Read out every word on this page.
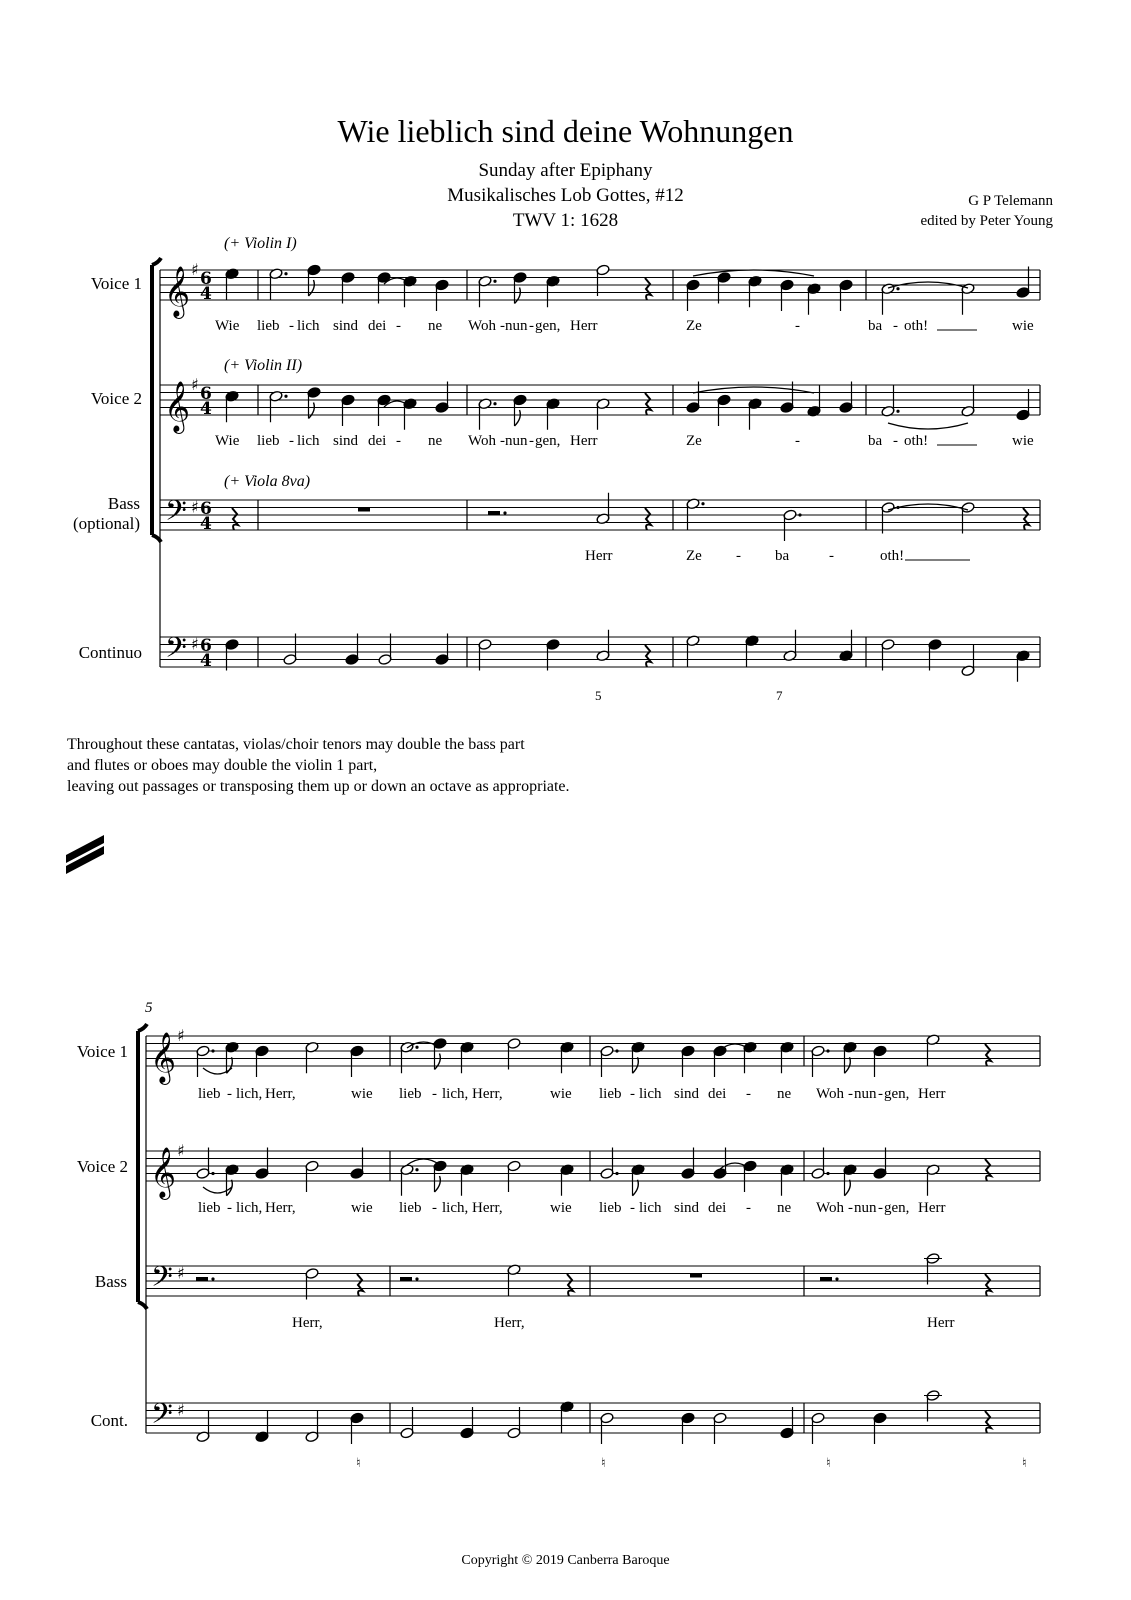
Wie lieblich sind deine Wohnungen
Sunday after Epiphany
Musikalisches Lob Gottes, #12
TWV 1: 1628
G P Telemann
edited by Peter Young
Voice 1
Voice 2
Bass
(optional)
Continuo
(+ Violin I)
(+ Violin II)
(+ Viola 8va)
Wie lieb - lich sind dei - ne Woh - nun - gen, Herr	Ze	-	ba - oth!	wie
Wie lieb - lich sind dei - ne Woh - nun - gen, Herr	Ze	-	ba - oth!	wie
Herr	Ze - ba	-	oth!
5	7
Throughout these cantatas, violas/choir tenors may double the bass part
and flutes or oboes may double the violin 1 part,
leaving out passages or transposing them up or down an octave as appropriate.
5
Voice 1
Voice 2
Bass
Cont.
lieb - lich, Herr,	wie lieb - lich, Herr,	wie lieb - lich sind dei - ne Woh - nun - gen, Herr
lieb - lich, Herr,	wie lieb - lich, Herr,	wie lieb - lich sind dei - ne Woh - nun - gen, Herr
Herr,	Herr,	Herr
♮	♮	♮	♮
Copyright © 2019 Canberra Baroque
𝄞 ♯ 6
4
𝄞 ♯ 6
4
𝄢 ♯ 6
4
𝄢 ♯ 6
4
𝄞 ♯
𝄞 ♯
𝄢 ♯
𝄢 ♯
